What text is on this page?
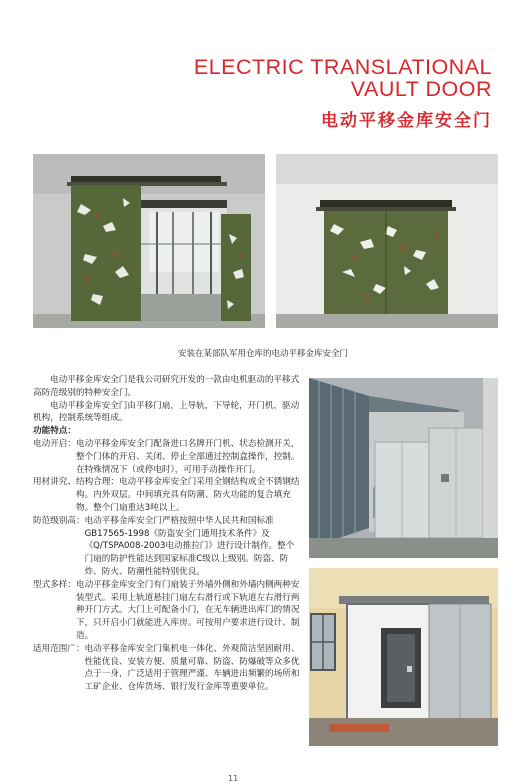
ELECTRIC TRANSLATIONAL
VAULT DOOR
电动平移金库安全门
安装在某部队军用仓库的电动平移金库安全门

电动平移金库安全门是我公司研究开发的一款由电机驱动的平移式高防范级别的特种安全门。

电动平移金库安全门由平移门扇，上导轨，下导轮，开门机，驱动机构，控制系统等组成。

功能特点：

电动开启： 电动平移金库安全门配备进口名牌开门机、状态检测开关，整个门体的开启、关闭、停止全部通过控制盒操作，控制。在特殊情况下（或停电时），可用手动操作开门。
用材讲究、 结构合理：电动平移金库安全门采用全钢结构或全不锈钢结构。内外双层。中间填充具有防潮、防火功能的复合填充物。整个门扇重达3吨以上。
防范级别高： 电动平移金库安全门严格按照中华人民共和国标准GB17565-1998《防盗安全门通用技术条件》及《Q/TSPA008-2003电动推拉门》进行设计制作。整个门扇的防护性能达到国家标准C级以上级别。防盗、防炸、防火、防潮性能特别优良。
型式多样： 电动平移金库安全门有门扇装于外墙外侧和外墙内侧两种安装型式。采用上轨道悬挂门扇左右滑行或下轨道左右滑行两种开门方式。大门上可配备小门，在无车辆进出库门的情况下，只开启小门就能进入库房。可按用户要求进行设计、制造。
适用范围广： 电动平移金库安全门集机电一体化、外观简洁坚固耐用、性能优良、安装方便、质量可靠、防盗、防爆破等众多优点于一身，广泛适用于管理严谨、车辆进出频繁的场所和工矿企业、仓库货场、银行发行金库等重要单位。
11
